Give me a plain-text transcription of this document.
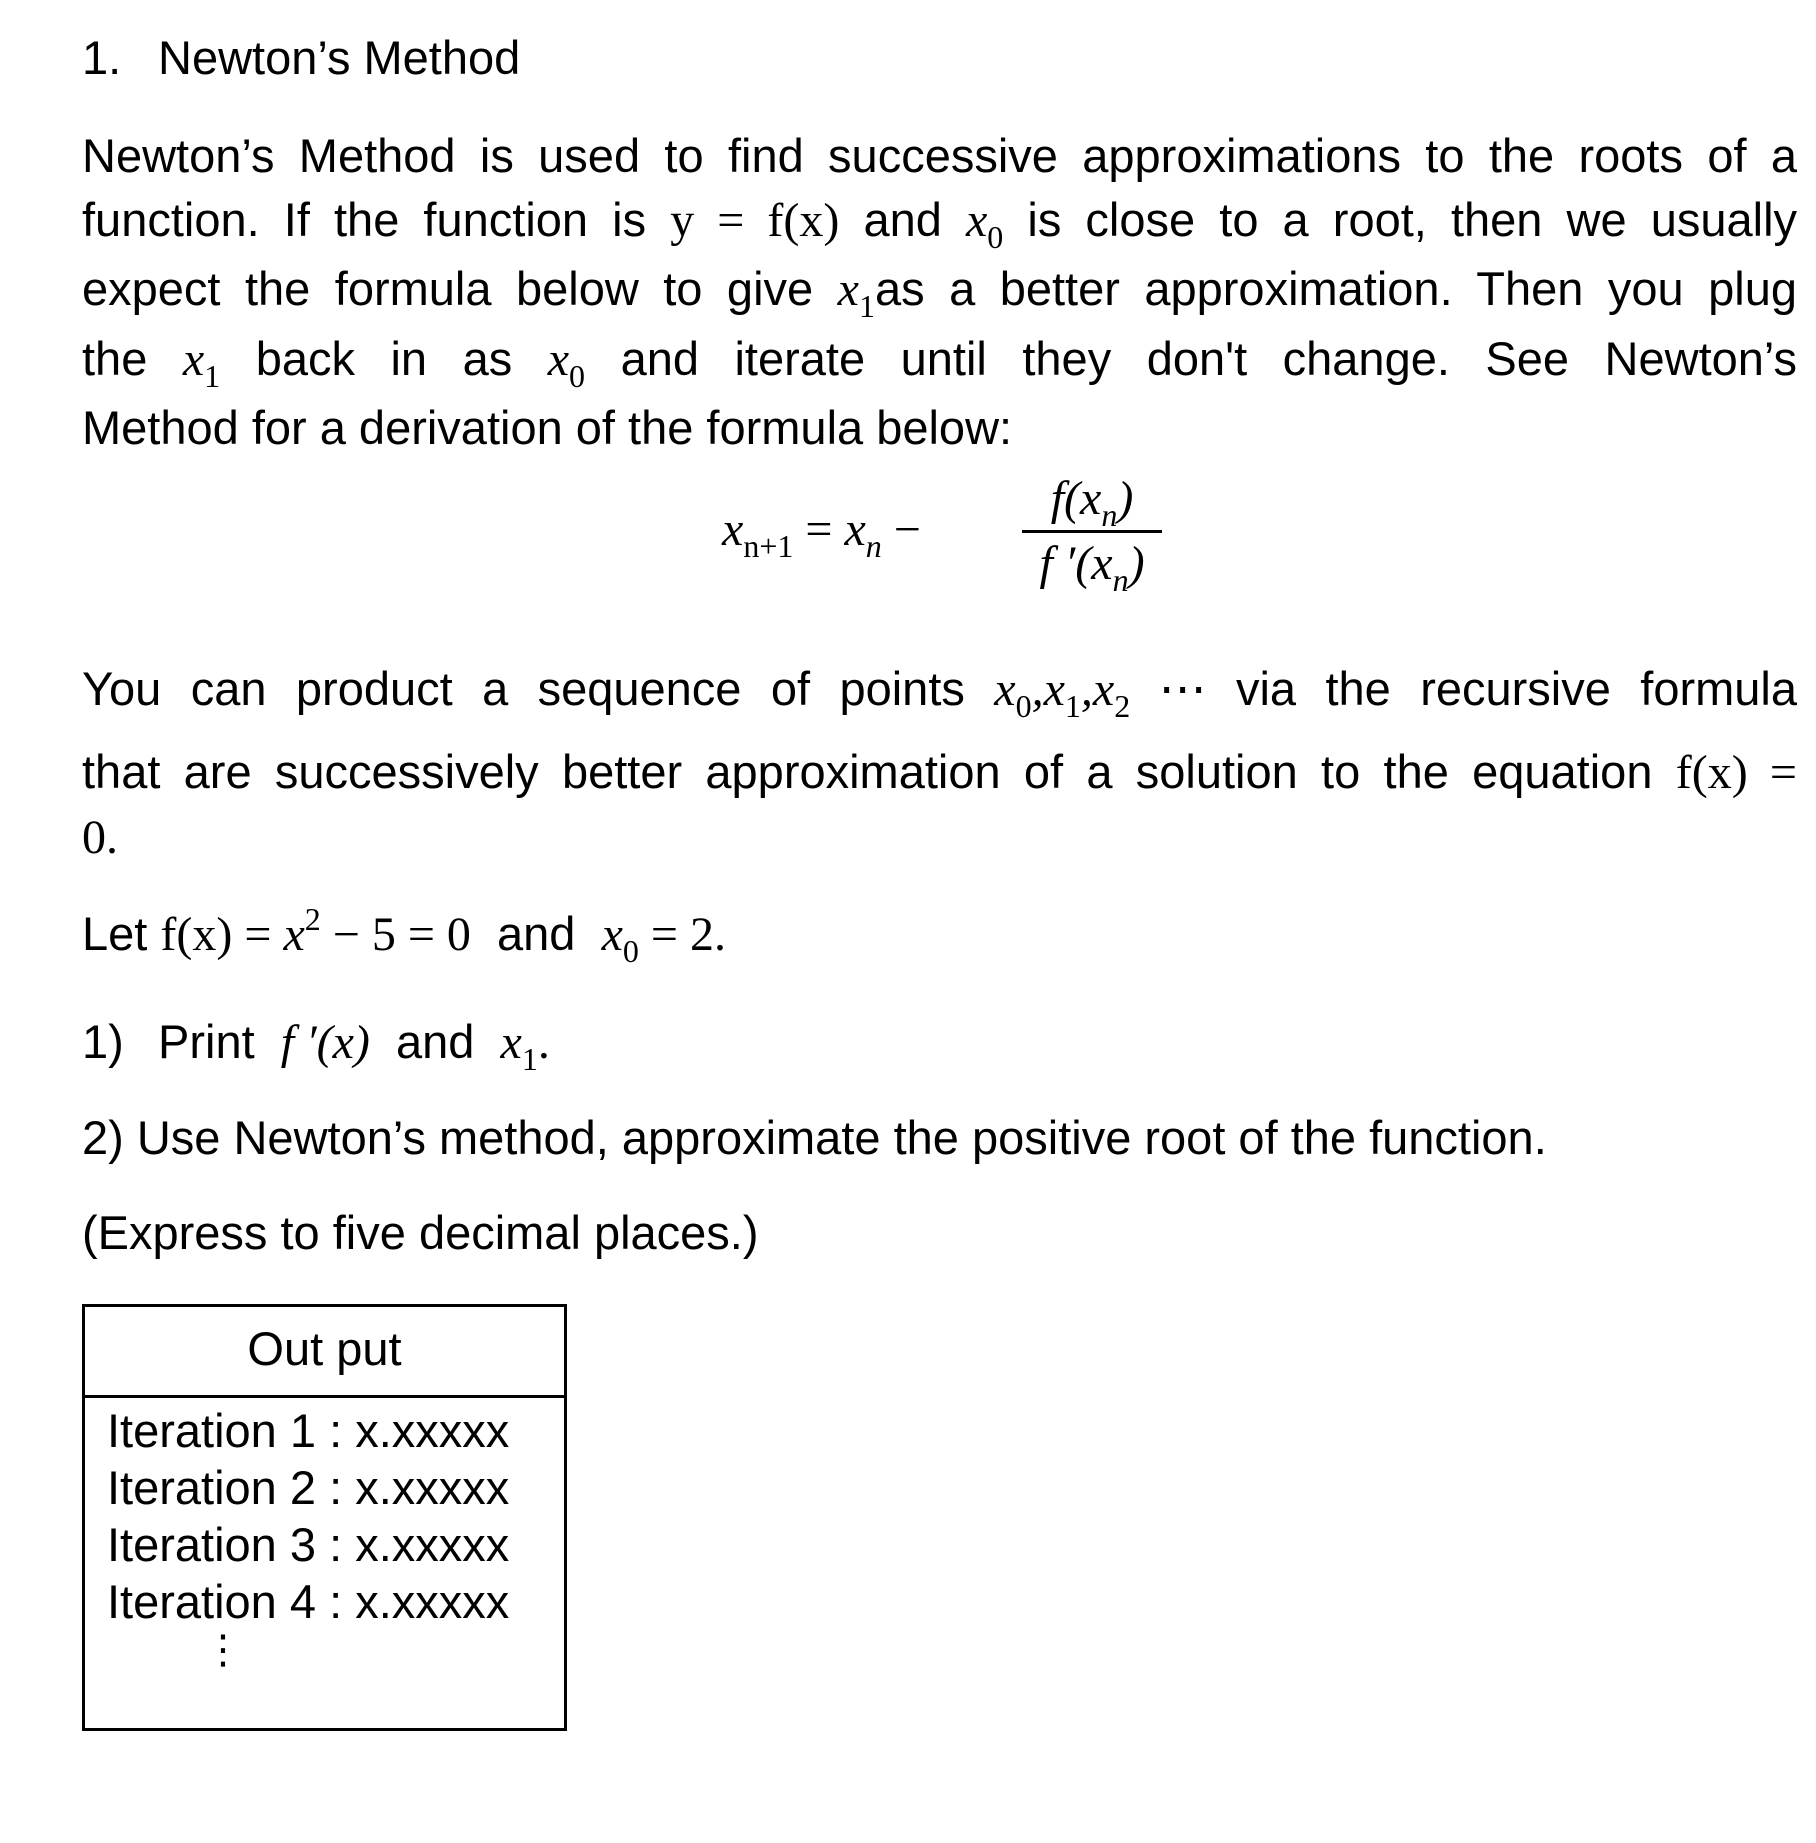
1. Newton’s Method
Newton’s Method is used to find successive approximations to the roots of a
function. If the function is y = f(x) and $x_0$ is close to a root, then we usually
expect the formula below to give $x_1as$ a better approximation. Then you plug
the $x_1$ back in as $x_0$ and iterate until they don't change. See Newton’s
Method for a derivation of the formula below:
$x_{n+1} = x_n$ −
$f(x_n)$
f $'(x_n)$
You can product a sequence of points $x_0,x_1,x_2$ ⋯ via the recursive formula
that are successively better approximation of a solution to the equation f(x) =
0.
Let $f(x) = x^2 - 5 = 0$ and $x_0 = 2$.
1) Print f ′(x) and $x_1$.
2) Use Newton’s method, approximate the positive root of the function.
(Express to five decimal places.)
Out put
Iteration 1 : x.xxxxx
Iteration 2 : x.xxxxx
Iteration 3 : x.xxxxx
Iteration 4 : x.xxxxx
⋮
